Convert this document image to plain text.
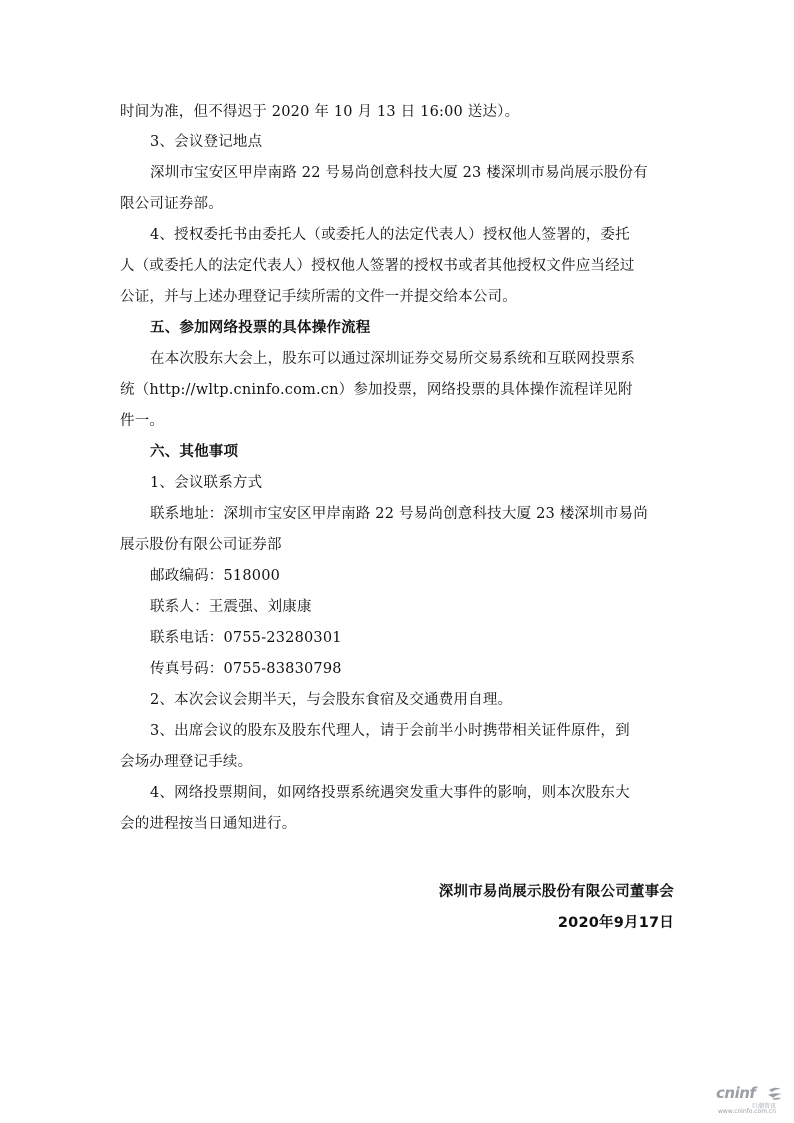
时间为准，但不得迟于 2020 年 10 月 13 日 16:00 送达）。
3、会议登记地点
深圳市宝安区甲岸南路 22 号易尚创意科技大厦 23 楼深圳市易尚展示股份有
限公司证券部。
4、授权委托书由委托人（或委托人的法定代表人）授权他人签署的，委托
人（或委托人的法定代表人）授权他人签署的授权书或者其他授权文件应当经过
公证，并与上述办理登记手续所需的文件一并提交给本公司。
五、参加网络投票的具体操作流程
在本次股东大会上，股东可以通过深圳证券交易所交易系统和互联网投票系
统（http://wltp.cninfo.com.cn）参加投票，网络投票的具体操作流程详见附
件一。
六、其他事项
1、会议联系方式
联系地址：深圳市宝安区甲岸南路 22 号易尚创意科技大厦 23 楼深圳市易尚
展示股份有限公司证券部
邮政编码：518000
联系人：王震强、刘康康
联系电话：0755-23280301
传真号码：0755-83830798
2、本次会议会期半天，与会股东食宿及交通费用自理。
3、出席会议的股东及股东代理人，请于会前半小时携带相关证件原件，到
会场办理登记手续。
4、网络投票期间，如网络投票系统遇突发重大事件的影响，则本次股东大
会的进程按当日通知进行。
深圳市易尚展示股份有限公司董事会
2020年9月17日
cninf
巨潮资讯
www.cninfo.com.cn
